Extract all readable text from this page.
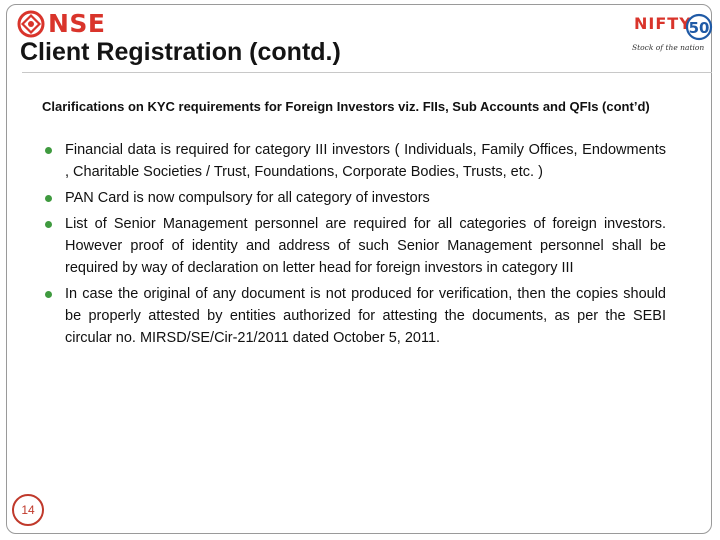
NSE
Client Registration (contd.)
NIFTY
50
Stock of the nation

Clarifications on KYC requirements for Foreign Investors viz. FIIs, Sub Accounts and QFIs (cont’d)

Financial data is required for category III investors ( Individuals, Family Offices, Endowments , Charitable Societies / Trust, Foundations, Corporate Bodies, Trusts, etc. )
PAN Card is now compulsory for all category of investors
List of Senior Management personnel are required for all categories of foreign investors. However proof of identity and address of such Senior Management personnel shall be required by way of declaration on letter head for foreign investors in category III
In case the original of any document is not produced for verification, then the copies should be properly attested by entities authorized for attesting the documents, as per the SEBI circular no. MIRSD/SE/Cir-21/2011 dated October 5, 2011.
14
